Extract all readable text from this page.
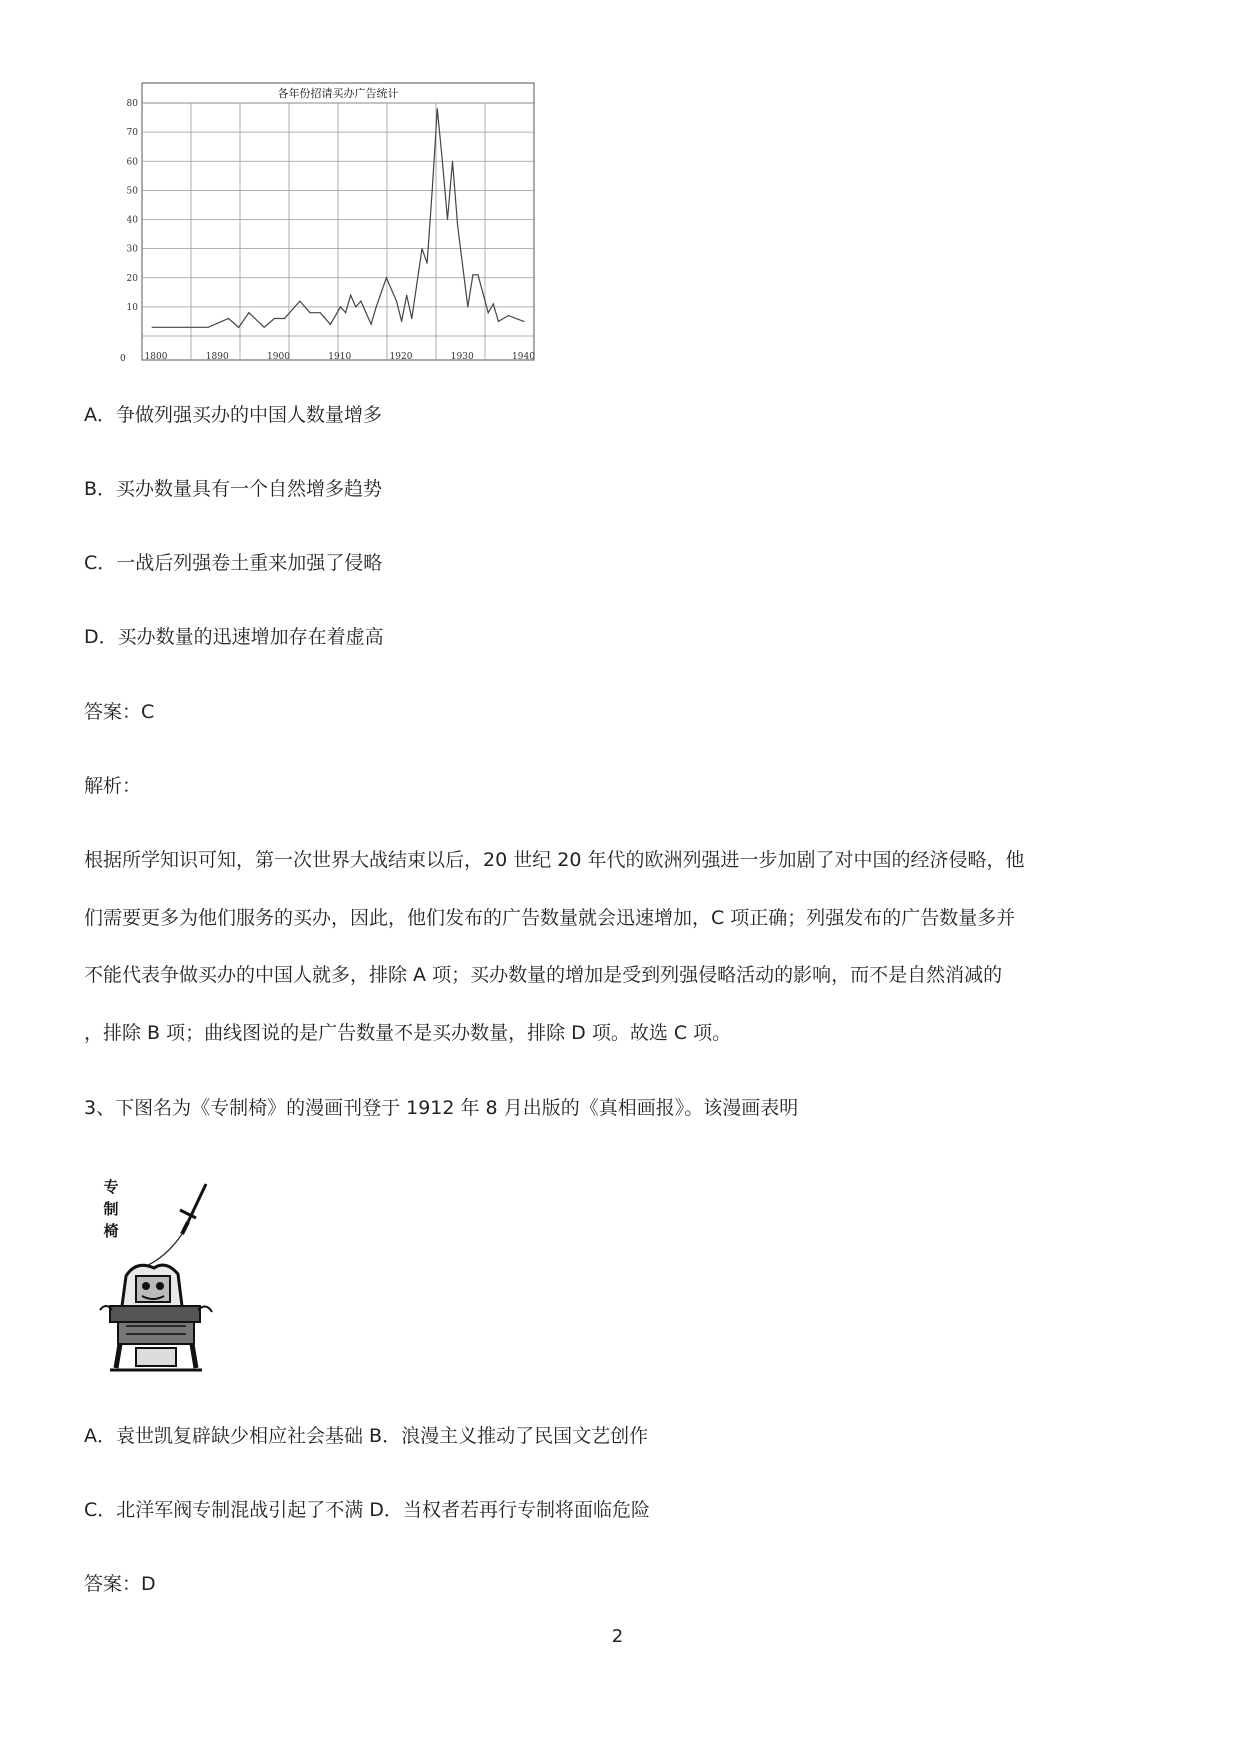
各年份招请买办广告统计
10
20
30
40
50
60
70
80
0 1800	1890	1900	1910	1920	1930	1940
A．争做列强买办的中国人数量增多
B．买办数量具有一个自然增多趋势
C．一战后列强卷土重来加强了侵略
D．买办数量的迅速增加存在着虚高
答案：C
解析：
根据所学知识可知，第一次世界大战结束以后，20 世纪 20 年代的欧洲列强进一步加剧了对中国的经济侵略，他
们需要更多为他们服务的买办，因此，他们发布的广告数量就会迅速增加，C 项正确；列强发布的广告数量多并
不能代表争做买办的中国人就多，排除 A 项；买办数量的增加是受到列强侵略活动的影响，而不是自然消减的
，排除 B 项；曲线图说的是广告数量不是买办数量，排除 D 项。故选 C 项。
3、下图名为《专制椅》的漫画刊登于 1912 年 8 月出版的《真相画报》。该漫画表明
专
制
椅
A．袁世凯复辟缺少相应社会基础 B．浪漫主义推动了民国文艺创作
C．北洋军阀专制混战引起了不满 D．当权者若再行专制将面临危险
答案：D
2
